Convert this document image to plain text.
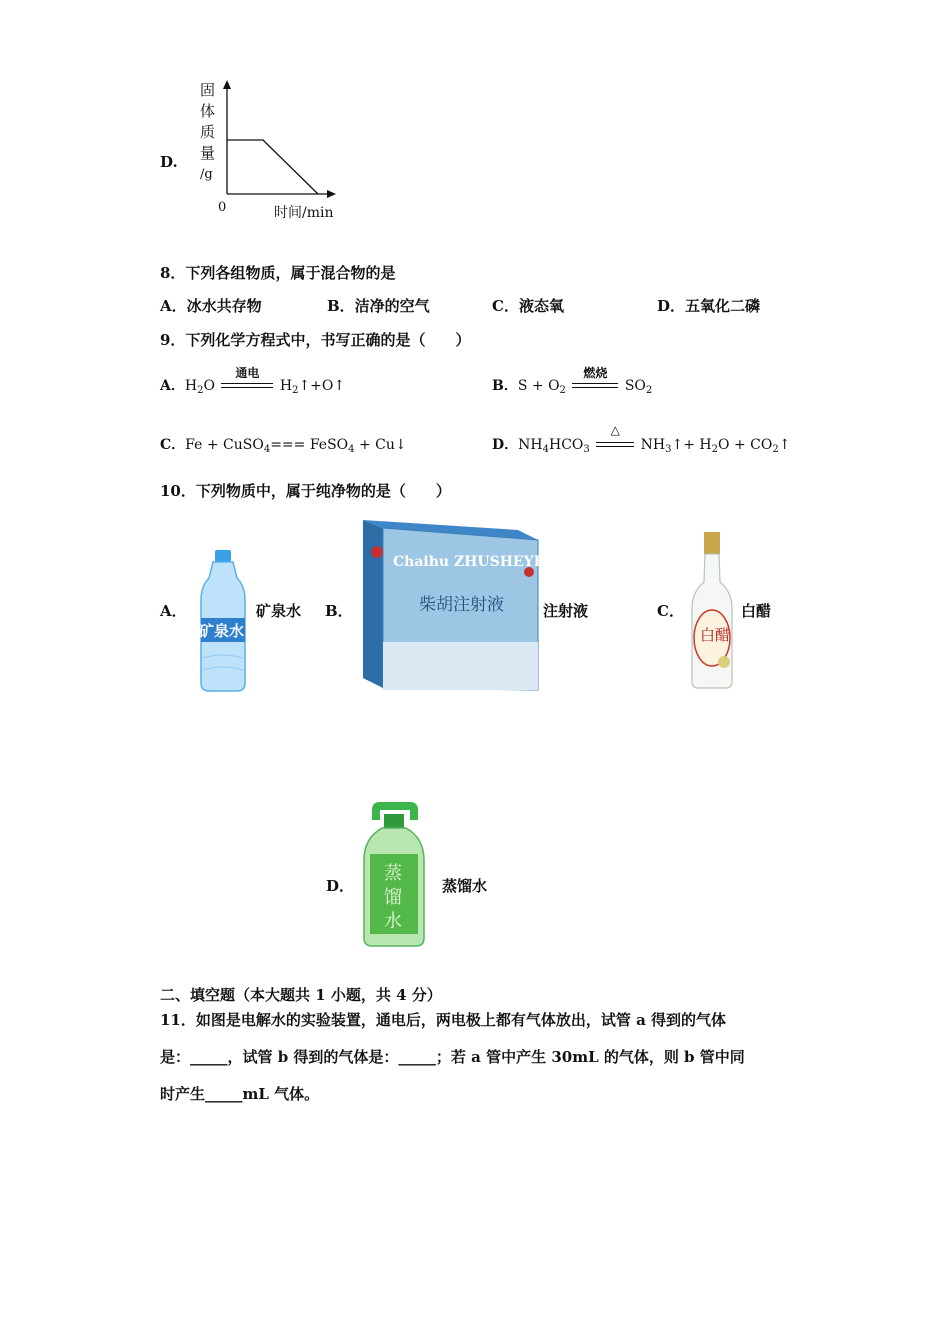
D.
固
体
质
量
/g
0	时间/min
8．下列各组物质，属于混合物的是
A．冰水共存物	B．洁净的空气	C．液态氧	D．五氧化二磷
9．下列化学方程式中，书写正确的是（　　）
A．$H_2O$
通电
$H_2↑+O↑$	B．$S + O_2$
燃烧
$SO_2$
C．Fe + CuSO$_4$=== FeSO$_4$ + Cu↓	D．$NH_4HCO_3$
△
$NH_3↑+ H_2O$ + $CO_2↑$
10．下列物质中，属于纯净物的是（　　）
A．
矿泉水
矿泉水 B．
Chaihu ZHUSHEYE
柴胡注射液	注射液	C．
白醋
白醋
D．
蒸馏水
蒸馏水
二、填空题（本大题共 1 小题，共 4 分）
11．如图是电解水的实验装置，通电后，两电极上都有气体放出，试管 a 得到的气体
是：_____，试管 b 得到的气体是：_____；若 a 管中产生 30mL 的气体，则 b 管中同
时产生_____mL 气体。
